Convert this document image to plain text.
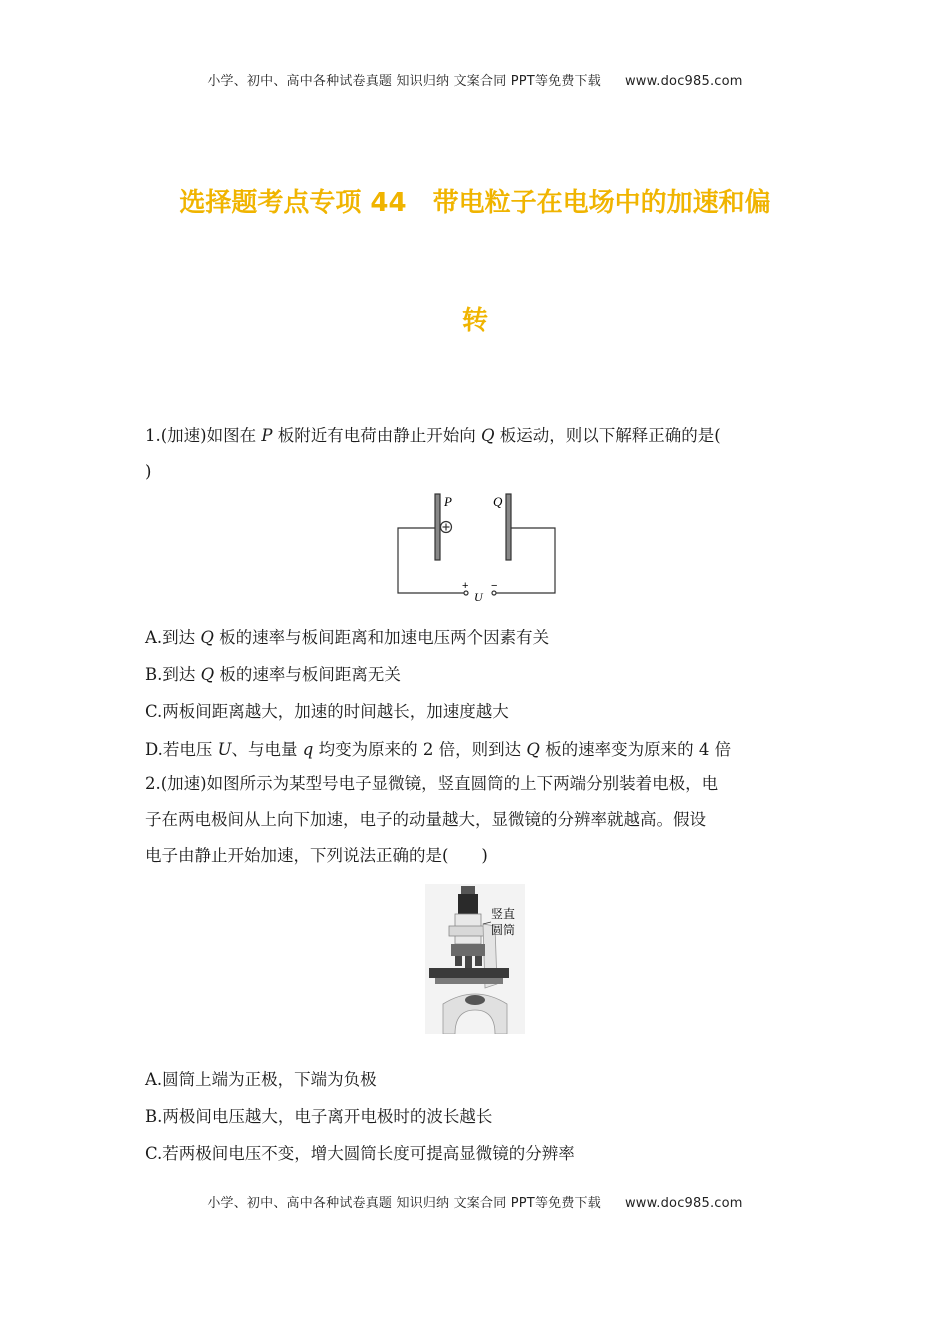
小学、初中、高中各种试卷真题 知识归纳 文案合同 PPT等免费下载 www.doc985.com
选择题考点专项 44　带电粒子在电场中的加速和偏
转
1.(加速)如图在 P 板附近有电荷由静止开始向 Q 板运动，则以下解释正确的是(
)
P	Q
+ −
U
A.到达 Q 板的速率与板间距离和加速电压两个因素有关
B.到达 Q 板的速率与板间距离无关
C.两板间距离越大，加速的时间越长，加速度越大
D.若电压 U、与电量 q 均变为原来的 2 倍，则到达 Q 板的速率变为原来的 4 倍
2.(加速)如图所示为某型号电子显微镜，竖直圆筒的上下两端分别装着电极，电
子在两电极间从上向下加速，电子的动量越大，显微镜的分辨率就越高。假设
电子由静止开始加速，下列说法正确的是(　　)
竖直
圆筒
A.圆筒上端为正极，下端为负极
B.两极间电压越大，电子离开电极时的波长越长
C.若两极间电压不变，增大圆筒长度可提高显微镜的分辨率
小学、初中、高中各种试卷真题 知识归纳 文案合同 PPT等免费下载 www.doc985.com
